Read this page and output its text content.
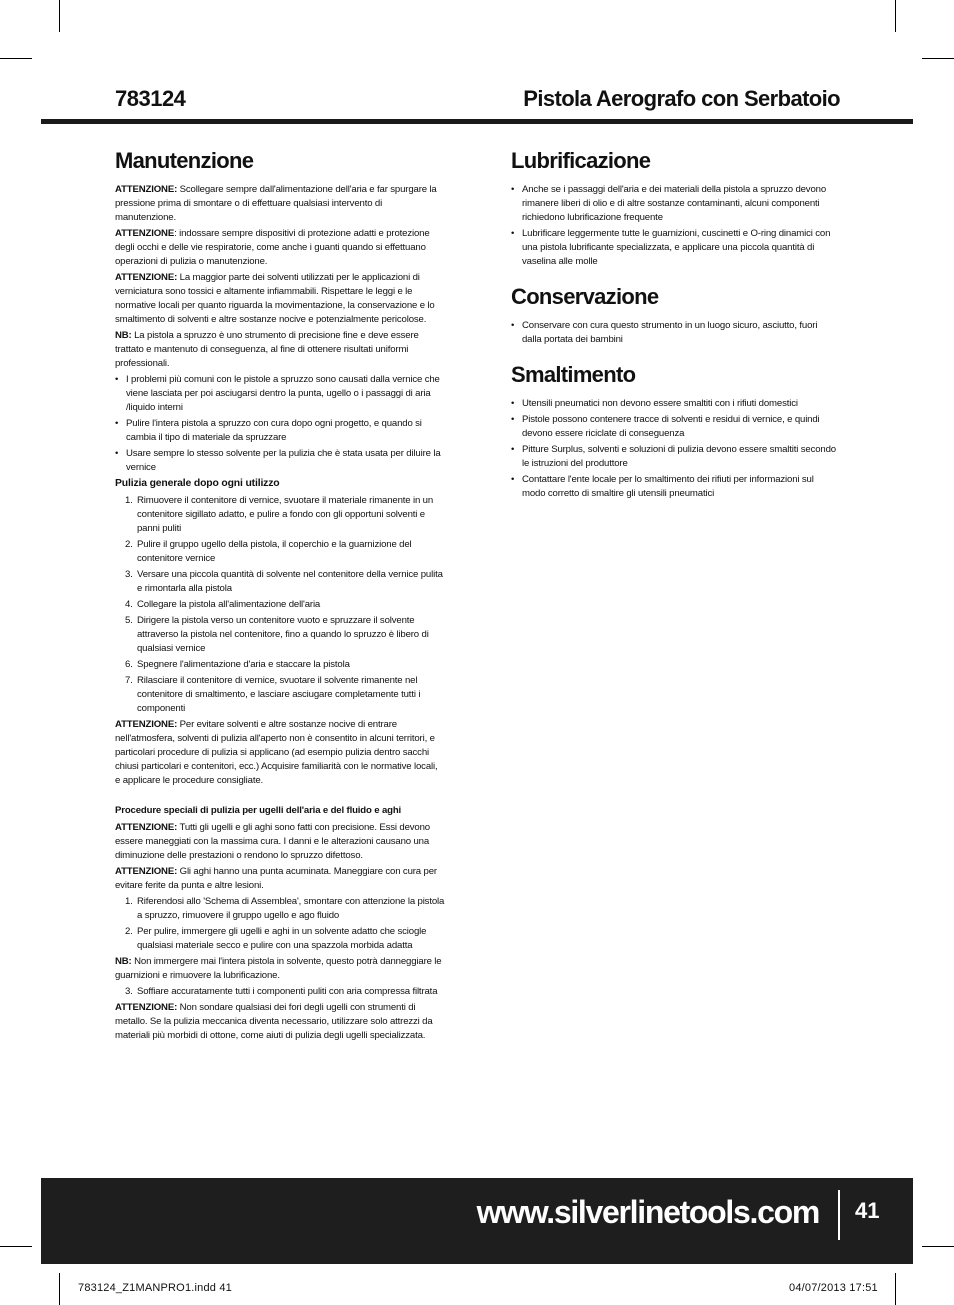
783124	Pistola Aerografo con Serbatoio
Manutenzione

ATTENZIONE: Scollegare sempre dall'alimentazione dell'aria e far spurgare la pressione prima di smontare o di effettuare qualsiasi intervento di manutenzione.

ATTENZIONE: indossare sempre dispositivi di protezione adatti e protezione degli occhi e delle vie respiratorie, come anche i guanti quando si effettuano operazioni di pulizia o manutenzione.

ATTENZIONE: La maggior parte dei solventi utilizzati per le applicazioni di verniciatura sono tossici e altamente infiammabili. Rispettare le leggi e le normative locali per quanto riguarda la movimentazione, la conservazione e lo smaltimento di solventi e altre sostanze nocive e potenzialmente pericolose.

NB: La pistola a spruzzo è uno strumento di precisione fine e deve essere trattato e mantenuto di conseguenza, al fine di ottenere risultati uniformi professionali.

• I problemi più comuni con le pistole a spruzzo sono causati dalla vernice che viene lasciata per poi asciugarsi dentro la punta, ugello o i passaggi di aria /liquido interni
• Pulire l'intera pistola a spruzzo con cura dopo ogni progetto, e quando si cambia il tipo di materiale da spruzzare
• Usare sempre lo stesso solvente per la pulizia che è stata usata per diluire la vernice
Pulizia generale dopo ogni utilizzo
1. Rimuovere il contenitore di vernice, svuotare il materiale rimanente in un contenitore sigillato adatto, e pulire a fondo con gli opportuni solventi e panni puliti
2. Pulire il gruppo ugello della pistola, il coperchio e la guarnizione del contenitore vernice
3. Versare una piccola quantità di solvente nel contenitore della vernice pulita e rimontarla alla pistola
4. Collegare la pistola all'alimentazione dell'aria
5. Dirigere la pistola verso un contenitore vuoto e spruzzare il solvente attraverso la pistola nel contenitore, fino a quando lo spruzzo è libero di qualsiasi vernice
6. Spegnere l'alimentazione d'aria e staccare la pistola
7. Rilasciare il contenitore di vernice, svuotare il solvente rimanente nel contenitore di smaltimento, e lasciare asciugare completamente tutti i componenti

ATTENZIONE: Per evitare solventi e altre sostanze nocive di entrare nell'atmosfera, solventi di pulizia all'aperto non è consentito in alcuni territori, e particolari procedure di pulizia si applicano (ad esempio pulizia dentro sacchi chiusi particolari e contenitori, ecc.) Acquisire familiarità con le normative locali, e applicare le procedure consigliate.

Procedure speciali di pulizia per ugelli dell'aria e del fluido e aghi

ATTENZIONE: Tutti gli ugelli e gli aghi sono fatti con precisione. Essi devono essere maneggiati con la massima cura. I danni e le alterazioni causano una diminuzione delle prestazioni o rendono lo spruzzo difettoso.

ATTENZIONE: Gli aghi hanno una punta acuminata. Maneggiare con cura per evitare ferite da punta e altre lesioni.

1. Riferendosi allo 'Schema di Assemblea', smontare con attenzione la pistola a spruzzo, rimuovere il gruppo ugello e ago fluido
2. Per pulire, immergere gli ugelli e aghi in un solvente adatto che sciogle qualsiasi materiale secco e pulire con una spazzola morbida adatta

NB: Non immergere mai l'intera pistola in solvente, questo potrà danneggiare le guarnizioni e rimuovere la lubrificazione.

3. Soffiare accuratamente tutti i componenti puliti con aria compressa filtrata

ATTENZIONE: Non sondare qualsiasi dei fori degli ugelli con strumenti di metallo. Se la pulizia meccanica diventa necessario, utilizzare solo attrezzi da materiali più morbidi di ottone, come aiuti di pulizia degli ugelli specializzata.

Lubrificazione
• Anche se i passaggi dell'aria e dei materiali della pistola a spruzzo devono rimanere liberi di olio e di altre sostanze contaminanti, alcuni componenti richiedono lubrificazione frequente
• Lubrificare leggermente tutte le guarnizioni, cuscinetti e O-ring dinamici con una pistola lubrificante specializzata, e applicare una piccola quantità di vaselina alle molle
Conservazione
• Conservare con cura questo strumento in un luogo sicuro, asciutto, fuori dalla portata dei bambini
Smaltimento
• Utensili pneumatici non devono essere smaltiti con i rifiuti domestici
• Pistole possono contenere tracce di solventi e residui di vernice, e quindi devono essere riciclate di conseguenza
• Pitture Surplus, solventi e soluzioni di pulizia devono essere smaltiti secondo le istruzioni del produttore
• Contattare l'ente locale per lo smaltimento dei rifiuti per informazioni sul modo corretto di smaltire gli utensili pneumatici
www.silverlinetools.com 41
783124_Z1MANPRO1.indd 41	04/07/2013 17:51
